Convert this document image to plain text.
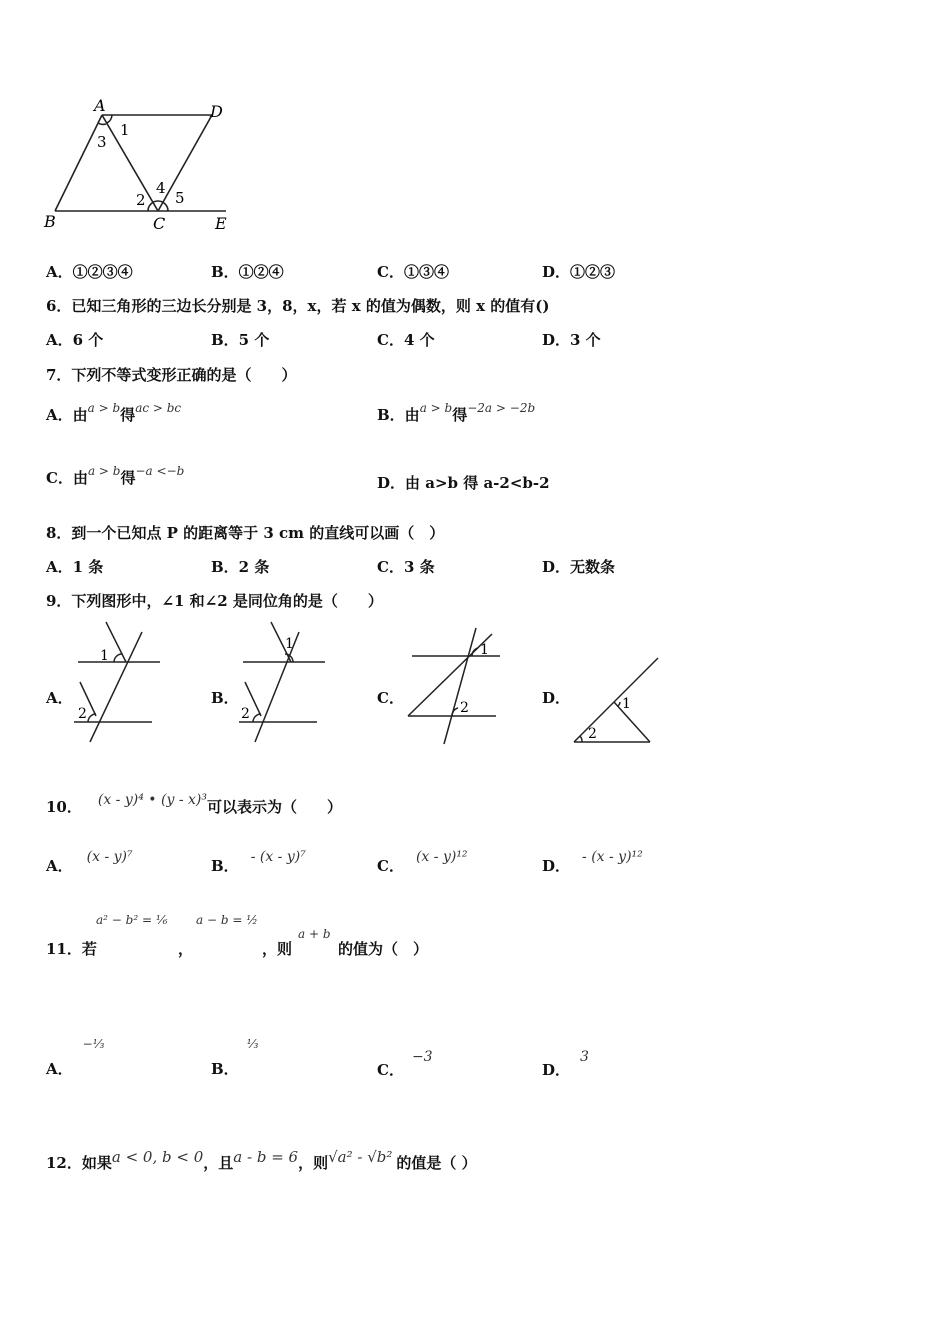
A	D
B	C	E
1
2
3
4
5
A．①②③④	B．①②④	C．①③④	D．①②③
6．已知三角形的三边长分别是 3，8，x，若 x 的值为偶数，则 x 的值有()
A．6 个	B．5 个	C．4 个	D．3 个
7．下列不等式变形正确的是（　　）
A．由$^{a > b}$得$^{ac > bc}$	B．由$^{a > b}$得$^{-2a > -2b}$
C．由$^{a > b}$得$^{-a <-b}$
D．由 a>b 得 a-2<b-2
8．到一个已知点 P 的距离等于 3 cm 的直线可以画（　）
A．1 条	B．2 条	C．3 条	D．无数条
9．下列图形中，∠1 和∠2 是同位角的是（　　）
A．
1
2
B．
1
2
C．
1
2
D．	1
2
10． (x - y)⁴ • (y - x)³可以表示为（　　）
A． (x - y)⁷	B． - (x - y)⁷	C． (x - y)¹²	D． - (x - y)¹²
11．若
a² − b² = ⅙
，
a − b = ½
，则
a + b
的值为（　）
A．−⅓
B．⅓
C．−3
D．3
12．如果a < 0, b < 0，且a - b = 6，则√a² - √b² 的值是（ ）
